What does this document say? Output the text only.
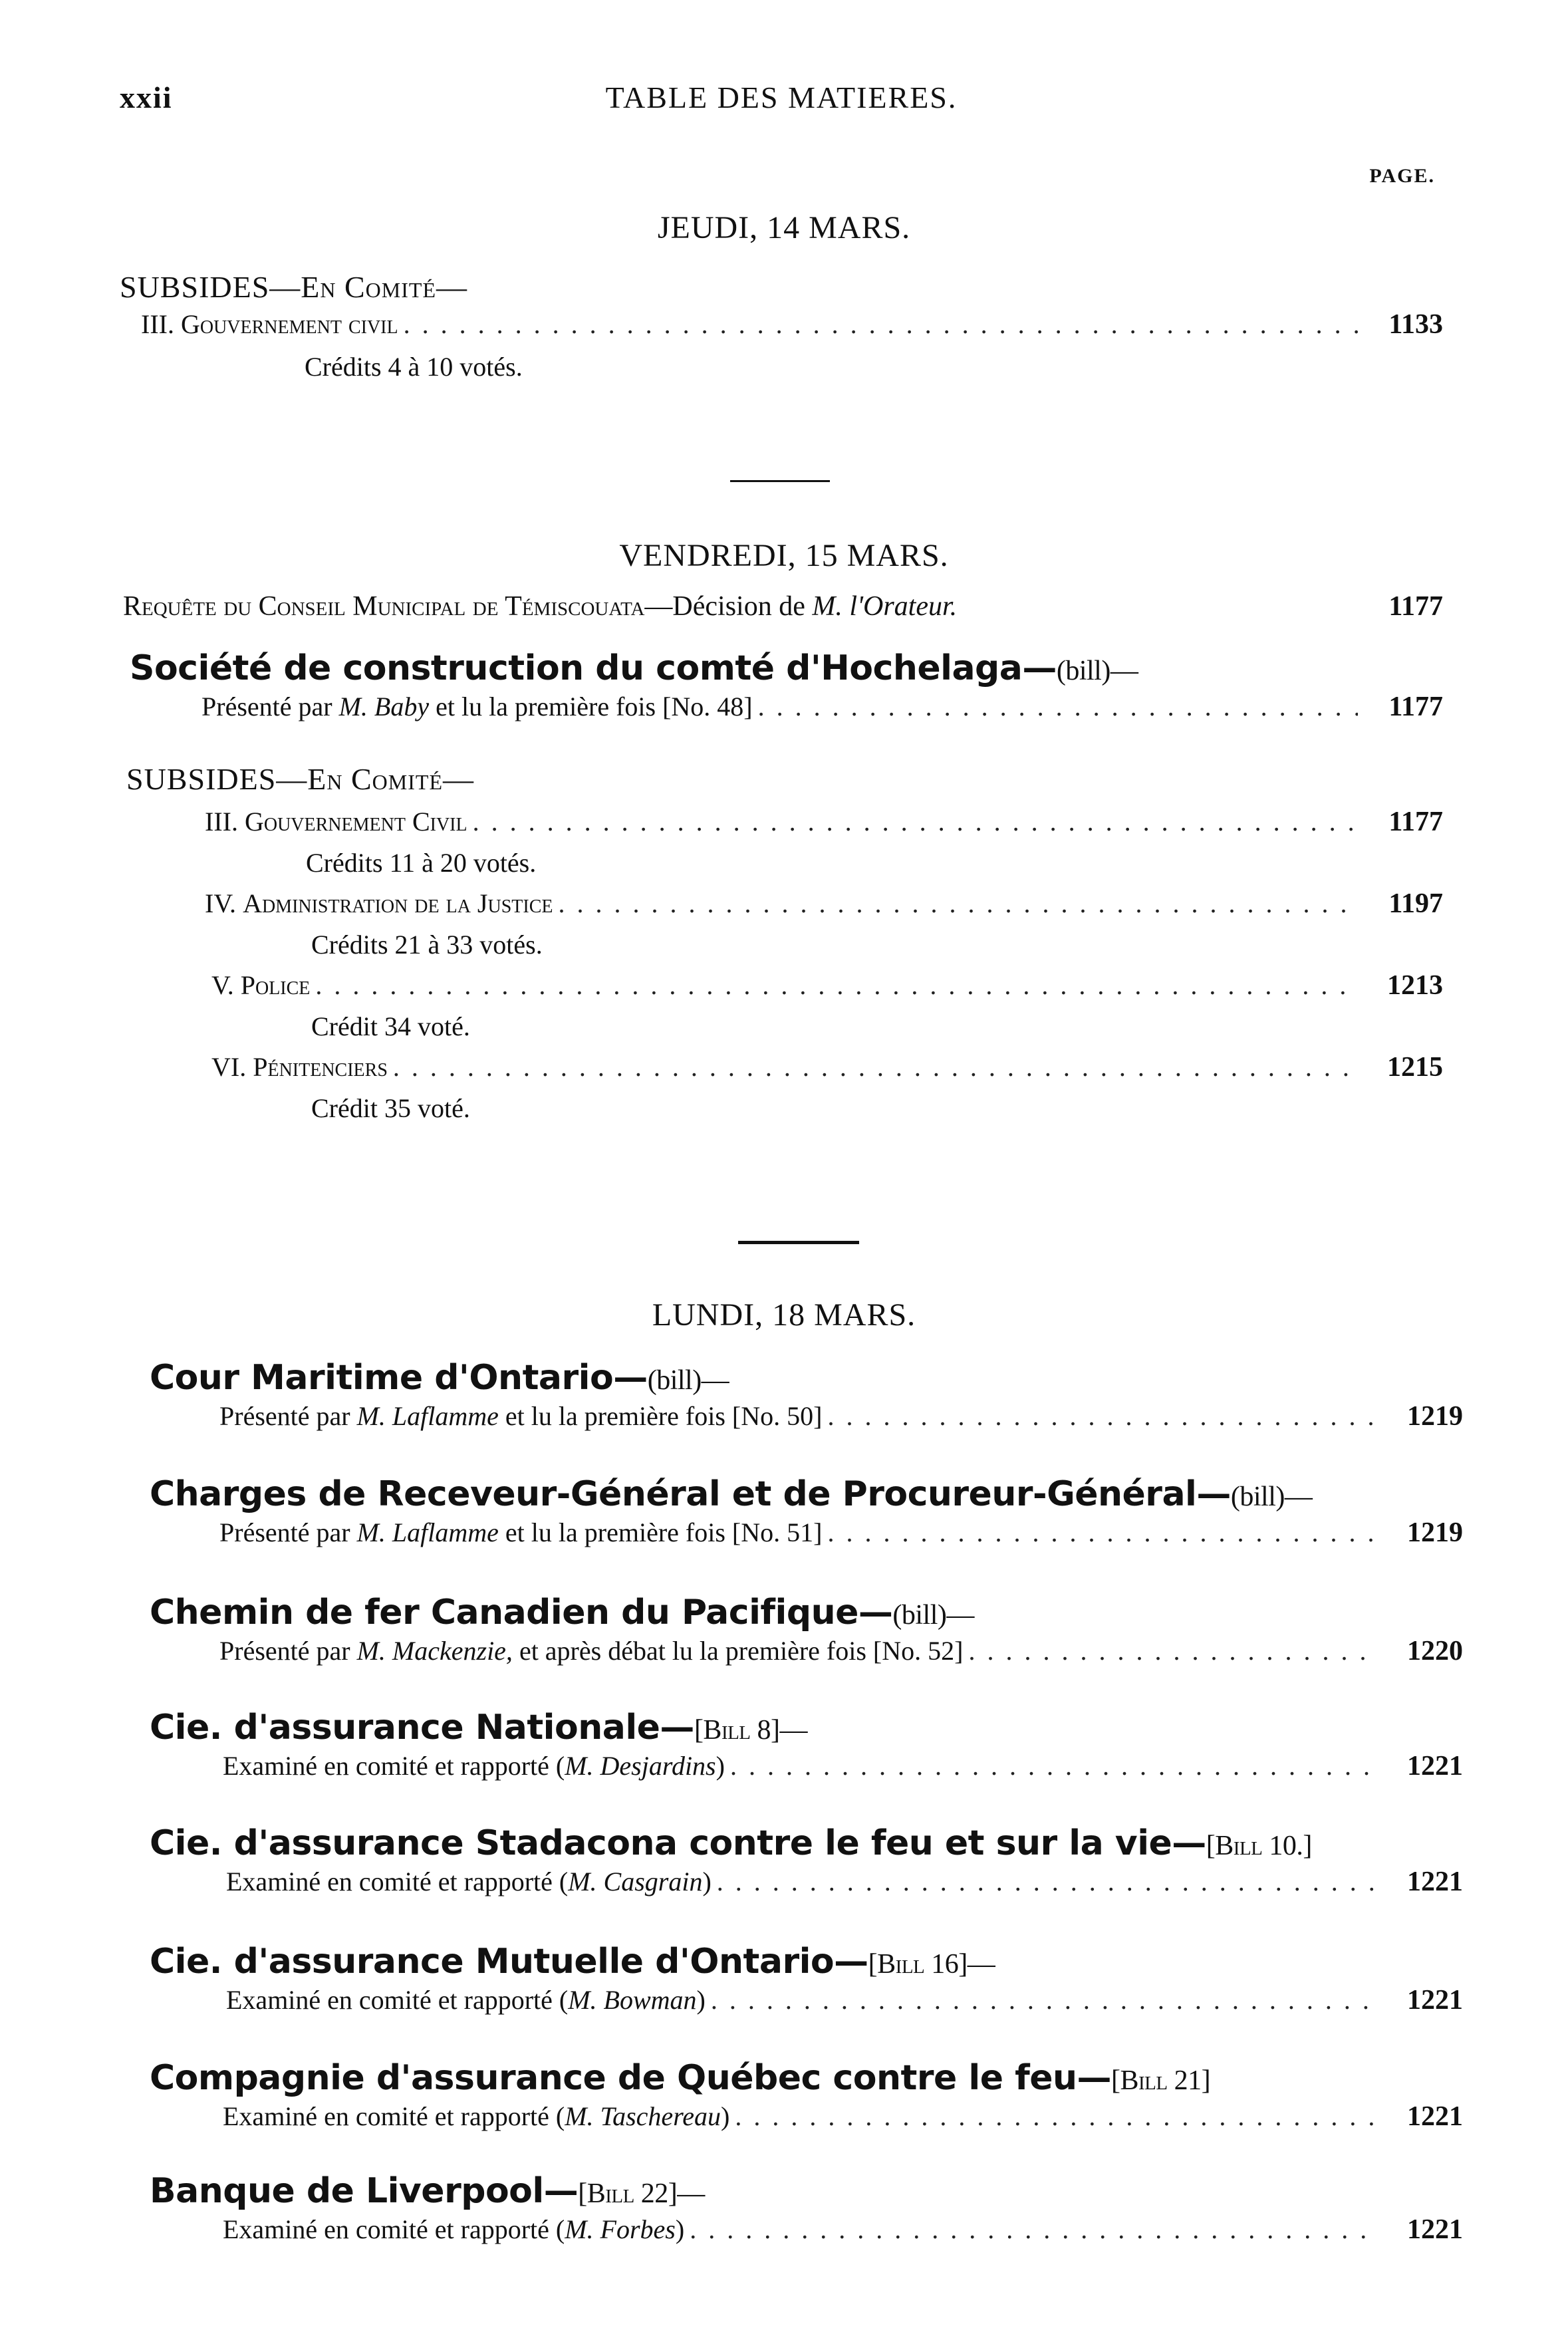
xxii	TABLE DES MATIERES.
PAGE.

JEUDI, 14 MARS.

SUBSIDES—En Comité—

III. Gouvernement civil . . .	1133
Crédits 4 à 10 votés.

VENDREDI, 15 MARS.

Requête du Conseil Municipal de Témiscouata—Décision de M. l'Orateur.	1177

Société de construction du comté d'Hochelaga—(bill)—

Présenté par M. Baby et lu la première fois [No. 48] . . .	1177

SUBSIDES—En Comité—

III. Gouvernement Civil . . .	1177
Crédits 11 à 20 votés.
IV. Administration de la Justice . . .	1197
Crédits 21 à 33 votés.
V. Police . . .	1213
Crédit 34 voté.
VI. Pénitenciers . . .	1215
Crédit 35 voté.

LUNDI, 18 MARS.

Cour Maritime d'Ontario—(bill)—

Présenté par M. Laflamme et lu la première fois [No. 50] . . .	1219

Charges de Receveur-Général et de Procureur-Général—(bill)—

Présenté par M. Laflamme et lu la première fois [No. 51] . . .	1219

Chemin de fer Canadien du Pacifique—(bill)—

Présenté par M. Mackenzie, et après débat lu la première fois [No. 52] . . .	1220

Cie. d'assurance Nationale—[Bill 8]—

Examiné en comité et rapporté (M. Desjardins) . . .	1221

Cie. d'assurance Stadacona contre le feu et sur la vie—[Bill 10.]

Examiné en comité et rapporté (M. Casgrain) . . .	1221

Cie. d'assurance Mutuelle d'Ontario—[Bill 16]—

Examiné en comité et rapporté (M. Bowman) . . .	1221

Compagnie d'assurance de Québec contre le feu—[Bill 21]

Examiné en comité et rapporté (M. Taschereau) . . .	1221

Banque de Liverpool—[Bill 22]—

Examiné en comité et rapporté (M. Forbes) . . .	1221
